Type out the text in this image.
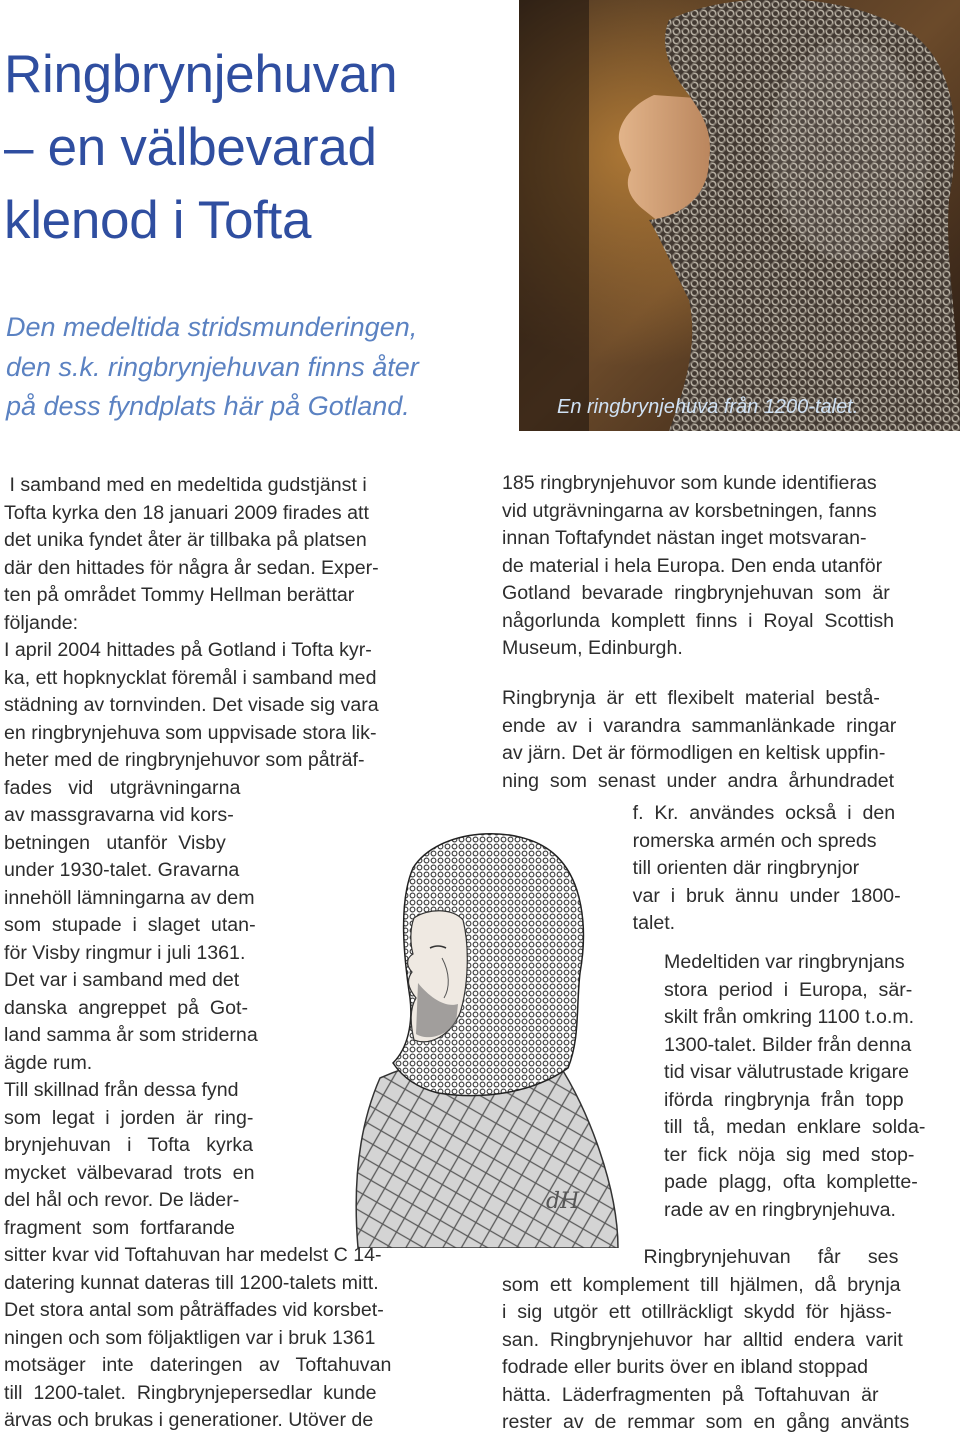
Ringbrynjehuvan
– en välbevarad
klenod i Tofta

Den medeltida stridsmunderingen,
den s.k. ringbrynjehuvan finns åter
på dess fyndplats här på Gotland.	En ringbrynjehuva från 1200-talet.
dH

I samband med en medeltida gudstjänst i
Tofta kyrka den 18 januari 2009 firades att
det unika fyndet åter är tillbaka på platsen
där den hittades för några år sedan. Exper-
ten på området Tommy Hellman berättar
följande:
I april 2004 hittades på Gotland i Tofta kyr-
ka, ett hopknycklat föremål i samband med
städning av tornvinden. Det visade sig vara
en ringbrynjehuva som uppvisade stora lik-
heter med de ringbrynjehuvor som påträf-
fades   vid   utgrävningarna
av massgravarna vid kors-
betningen   utanför  Visby
under 1930-talet. Gravarna
innehöll lämningarna av dem
som  stupade  i  slaget  utan-
för Visby ringmur i juli 1361.
Det var i samband med det
danska  angreppet  på  Got-
land samma år som striderna
ägde rum.
Till skillnad från dessa fynd
som  legat  i  jorden  är  ring-
brynjehuvan   i   Tofta   kyrka
mycket  välbevarad  trots  en
del hål och revor. De läder-
fragment  som  fortfarande
sitter kvar vid Toftahuvan har medelst C 14-
datering kunnat dateras till 1200-talets mitt.
Det stora antal som påträffades vid korsbet-
ningen och som följaktligen var i bruk 1361
motsäger   inte   dateringen   av   Toftahuvan
till  1200-talet.  Ringbrynjepersedlar  kunde
ärvas och brukas i generationer. Utöver de

185 ringbrynjehuvor som kunde identifieras
vid utgrävningarna av korsbetningen, fanns
innan Toftafyndet nästan inget motsvaran-
de material i hela Europa. Den enda utanför
Gotland  bevarade  ringbrynjehuvan  som  är
någorlunda  komplett  finns  i  Royal  Scottish
Museum, Edinburgh.

Ringbrynja  är  ett  flexibelt  material  bestå-
ende  av  i  varandra  sammanlänkade  ringar
av järn. Det är förmodligen en keltisk uppfin-
ning  som  senast  under  andra  århundradet

f.  Kr.  användes  också  i  den
romerska armén och spreds
till orienten där ringbrynjor
var  i  bruk  ännu  under  1800-
talet.

Medeltiden var ringbrynjans
stora  period  i  Europa,  sär-
skilt från omkring 1100 t.o.m.
1300-talet. Bilder från denna
tid visar välutrustade krigare
iförda  ringbrynja  från  topp
till  tå,  medan  enklare  solda-
ter  fick  nöja  sig  med  stop-
pade  plagg,  ofta  komplette-
rade av en ringbrynjehuva.

Ringbrynjehuvan     får     ses
som  ett  komplement  till  hjälmen,  då  brynja
i  sig  utgör  ett  otillräckligt  skydd  för  hjäss-
san.  Ringbrynjehuvor  har  alltid  endera  varit
fodrade eller burits över en ibland stoppad
hätta.  Läderfragmenten  på  Toftahuvan  är
rester  av  de  remmar  som  en  gång  använts
